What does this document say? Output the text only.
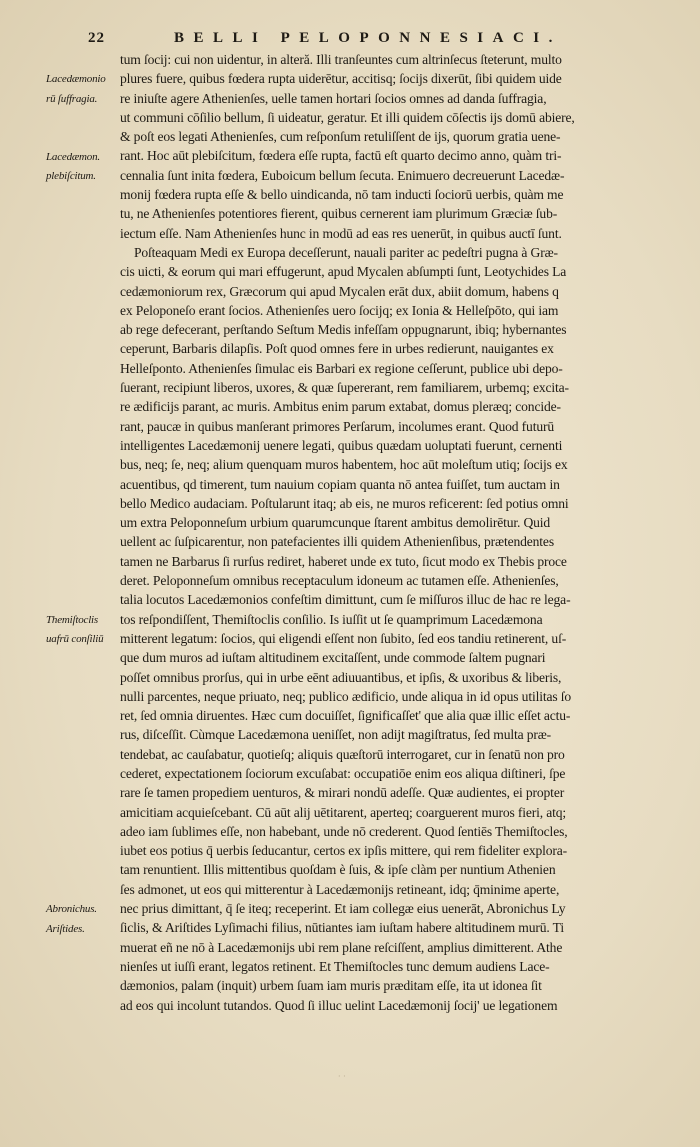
22	BELLI PELOPONNESIACI.
Lacedæmonio
rū ſuffragia.
Lacedæmon.
plebiſcitum.
Themiſtoclis
uafrū conſiliū
Abronichus.
Ariſtides.
tum ſocij: cui non uidentur, in alteră. Illi tranſeuntes cum altrinſecus ſteterunt, multo
plures fuere, quibus fœdera rupta uiderētur, accitisq; ſocijs dixerūt, ſibi quidem uide
re iniuſte agere Athenienſes, uelle tamen hortari ſocios omnes ad danda ſuffragia,
ut communi cōſilio bellum, ſi uideatur, geratur. Et illi quidem cōſectis ijs domū abiere,
& poſt eos legati Athenienſes, cum reſponſum retuliſſent de ijs, quorum gratia uene-
rant. Hoc aūt plebiſcitum, fœdera eſſe rupta, factū eſt quarto decimo anno, quàm tri-
cennalia ſunt inita fœdera, Euboicum bellum ſecuta. Enimuero decreuerunt Lacedæ-
monij fœdera rupta eſſe & bello uindicanda, nō tam inducti ſociorū uerbis, quàm me
tu, ne Athenienſes potentiores fierent, quibus cernerent iam plurimum Græciæ ſub-
iectum eſſe. Nam Athenienſes hunc in modū ad eas res uenerūt, in quibus auctī ſunt.
Poſteaquam Medi ex Europa deceſſerunt, nauali pariter ac pedeſtri pugna à Græ-
cis uicti, & eorum qui mari effugerunt, apud Mycalen abſumpti ſunt, Leotychides La
cedæmoniorum rex, Græcorum qui apud Mycalen erāt dux, abiit domum, habens q
ex Peloponeſo erant ſocios. Athenienſes uero ſocijq; ex Ionia & Helleſpōto, qui iam
ab rege defecerant, perſtando Seſtum Medis infeſſam oppugnarunt, ibiq; hybernantes
ceperunt, Barbaris dilapſis. Poſt quod omnes fere in urbes redierunt, nauigantes ex
Helleſponto. Athenienſes ſimulac eis Barbari ex regione ceſſerunt, publice ubi depo-
ſuerant, recipiunt liberos, uxores, & quæ ſupererant, rem familiarem, urbemq; excita-
re ædificijs parant, ac muris. Ambitus enim parum extabat, domus pleræq; concide-
rant, paucæ in quibus manſerant primores Perſarum, incolumes erant. Quod futurū
intelligentes Lacedæmonij uenere legati, quibus quædam uoluptati fuerunt, cernenti
bus, neq; ſe, neq; alium quenquam muros habentem, hoc aūt moleſtum utiq; ſocijs ex
acuentibus, qd timerent, tum nauium copiam quanta nō antea fuiſſet, tum auctam in
bello Medico audaciam. Poſtularunt itaq; ab eis, ne muros reficerent: ſed potius omni
um extra Peloponneſum urbium quarumcunque ſtarent ambitus demolirētur. Quid
uellent ac ſuſpicarentur, non patefacientes illi quidem Athenienſibus, prætendentes
tamen ne Barbarus ſi rurſus rediret, haberet unde ex tuto, ſicut modo ex Thebis proce
deret. Peloponneſum omnibus receptaculum idoneum ac tutamen eſſe. Athenienſes,
talia locutos Lacedæmonios confeſtim dimittunt, cum ſe miſſuros illuc de hac re lega-
tos reſpondiſſent, Themiſtoclis conſilio. Is iuſſit ut ſe quamprimum Lacedæmona
mitterent legatum: ſocios, qui eligendi eſſent non ſubito, ſed eos tandiu retinerent, uſ-
que dum muros ad iuſtam altitudinem excitaſſent, unde commode ſaltem pugnari
poſſet omnibus prorſus, qui in urbe eēnt adiuuantibus, et ipſis, & uxoribus & liberis,
nulli parcentes, neque priuato, neq; publico ædificio, unde aliqua in id opus utilitas ſo
ret, ſed omnia diruentes. Hæc cum docuiſſet, ſignificaſſet' que alia quæ illic eſſet actu-
rus, diſceſſit. Cùmque Lacedæmona ueniſſet, non adijt magiſtratus, ſed multa præ-
tendebat, ac cauſabatur, quotieſq; aliquis quæſtorū interrogaret, cur in ſenatū non pro
cederet, expectationem ſociorum excuſabat: occupatiōe enim eos aliqua diſtineri, ſpe
rare ſe tamen propediem uenturos, & mirari nondū adeſſe. Quæ audientes, ei propter
amicitiam acquieſcebant. Cū aūt alij uētitarent, aperteq; coarguerent muros fieri, atq;
adeo iam ſublimes eſſe, non habebant, unde nō crederent. Quod ſentiēs Themiſtocles,
iubet eos potius q̄ uerbis ſeducantur, certos ex ipſis mittere, qui rem fideliter explora-
tam renuntient. Illis mittentibus quoſdam è ſuis, & ipſe clàm per nuntium Athenien
ſes admonet, ut eos qui mitterentur à Lacedæmonijs retineant, idq; q̄minime aperte,
nec prius dimittant, q̄ ſe iteq; receperint. Et iam collegæ eius uenerāt, Abronichus Ly
ſiclis, & Ariſtides Lyſimachi filius, nūtiantes iam iuſtam habere altitudinem murū. Ti
muerat eñ ne nō à Lacedæmonijs ubi rem plane reſciſſent, amplius dimitterent. Athe
nienſes ut iuſſi erant, legatos retinent. Et Themiſtocles tunc demum audiens Lace-
dæmonios, palam (inquit) urbem ſuam iam muris præditam eſſe, ita ut idonea ſit
ad eos qui incolunt tutandos. Quod ſi illuc uelint Lacedæmonij ſocij' ue legationem
· ·
